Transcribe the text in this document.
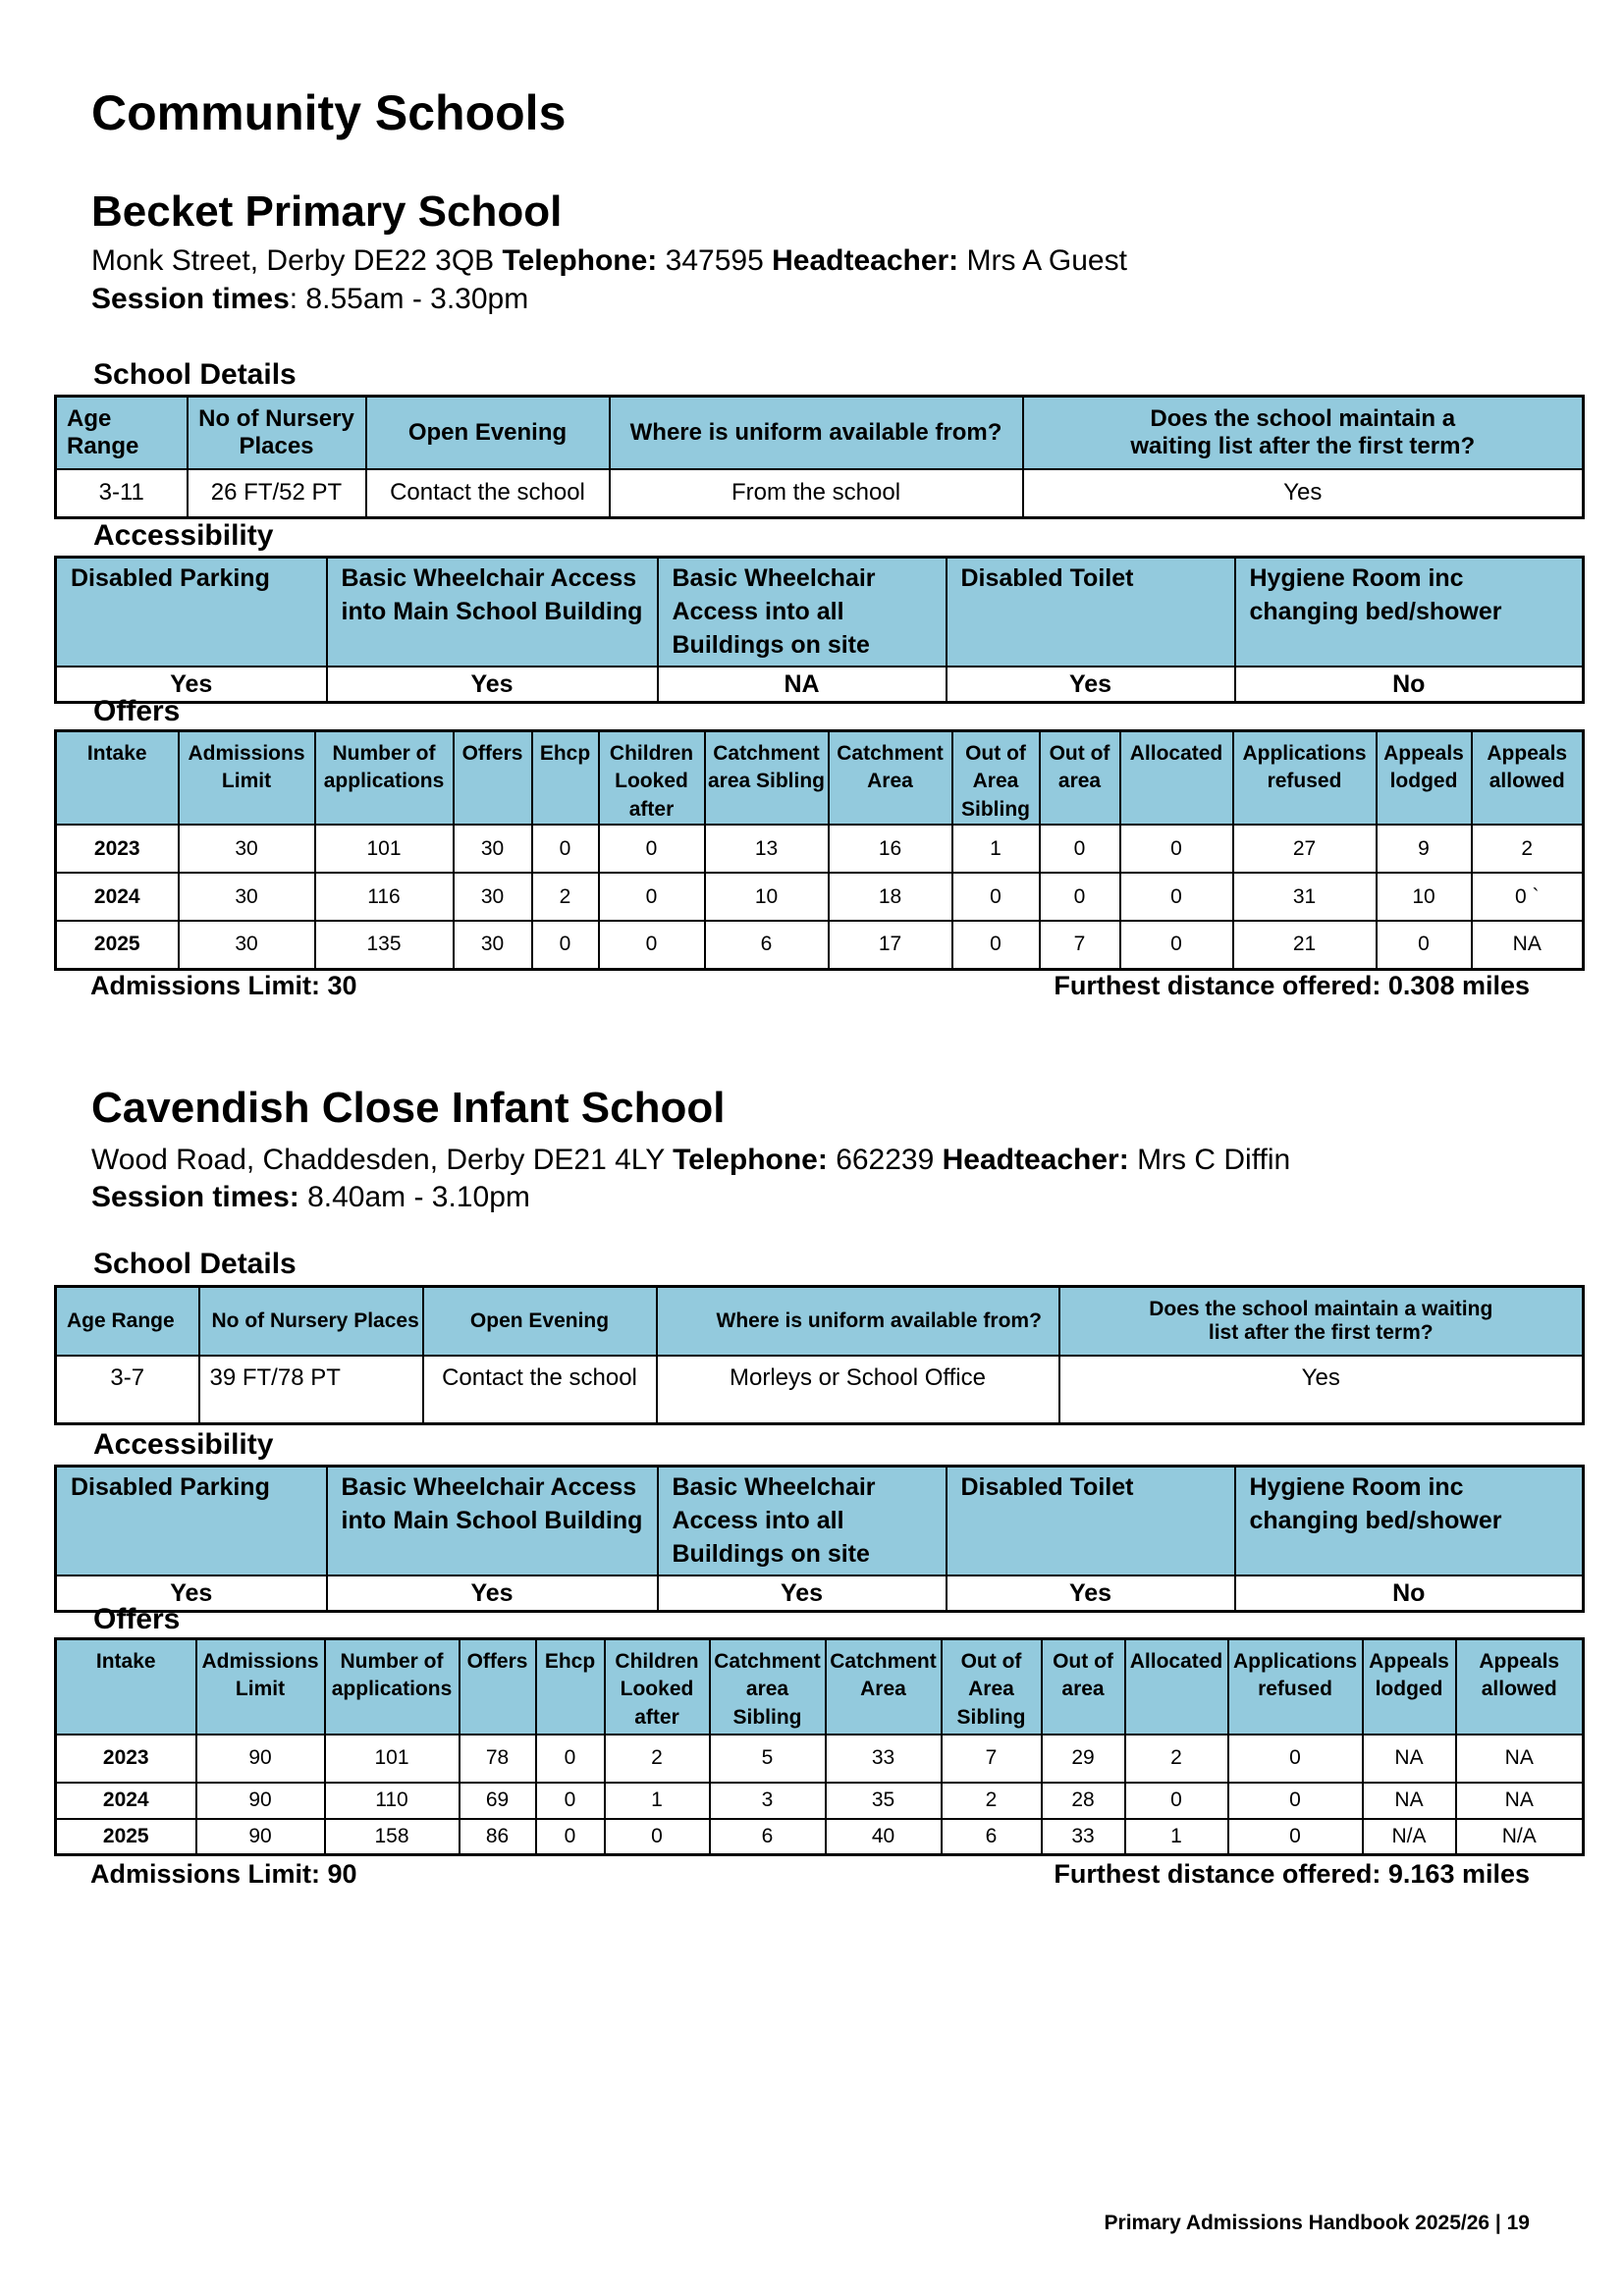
Community Schools
Becket Primary School
Monk Street, Derby DE22 3QB Telephone: 347595 Headteacher: Mrs A Guest
Session times: 8.55am - 3.30pm
School Details
Age Range	No of Nursery Places	Open Evening	Where is uniform available from?	Does the school maintain a waiting list after the first term?
3-11	26 FT/52 PT	Contact the school	From the school	Yes
Accessibility
Disabled Parking	Basic Wheelchair Access into Main School Building	Basic Wheelchair Access into all Buildings on site	Disabled Toilet	Hygiene Room inc changing bed/shower
Yes	Yes	NA	Yes	No
Offers
Intake	Admissions Limit	Number of applications	Offers	Ehcp	Children Looked after	Catchment area Sibling	Catchment Area	Out of Area Sibling	Out of area	Allocated	Applications refused	Appeals lodged	Appeals allowed
2023	30	101	30	0	0	13	16	1	0	0	27	9	2
2024	30	116	30	2	0	10	18	0	0	0	31	10	0 `
2025	30	135	30	0	0	6	17	0	7	0	21	0	NA
Admissions Limit: 30	Furthest distance offered: 0.308 miles
Cavendish Close Infant School
Wood Road, Chaddesden, Derby DE21 4LY Telephone: 662239 Headteacher: Mrs C Diffin
Session times: 8.40am - 3.10pm
School Details
Age Range	No of Nursery Places	Open Evening	Where is uniform available from?	Does the school maintain a waiting list after the first term?
3-7	39 FT/78 PT	Contact the school	Morleys or School Office	Yes
Accessibility
Disabled Parking	Basic Wheelchair Access into Main School Building	Basic Wheelchair Access into all Buildings on site	Disabled Toilet	Hygiene Room inc changing bed/shower
Yes	Yes	Yes	Yes	No
Offers
Intake	Admissions Limit	Number of applications	Offers	Ehcp	Children Looked after	Catchment area Sibling	Catchment Area	Out of Area Sibling	Out of area	Allocated	Applications refused	Appeals lodged	Appeals allowed
2023	90	101	78	0	2	5	33	7	29	2	0	NA	NA
2024	90	110	69	0	1	3	35	2	28	0	0	NA	NA
2025	90	158	86	0	0	6	40	6	33	1	0	N/A	N/A
Admissions Limit: 90	Furthest distance offered: 9.163 miles
Primary Admissions Handbook 2025/26 | 19
